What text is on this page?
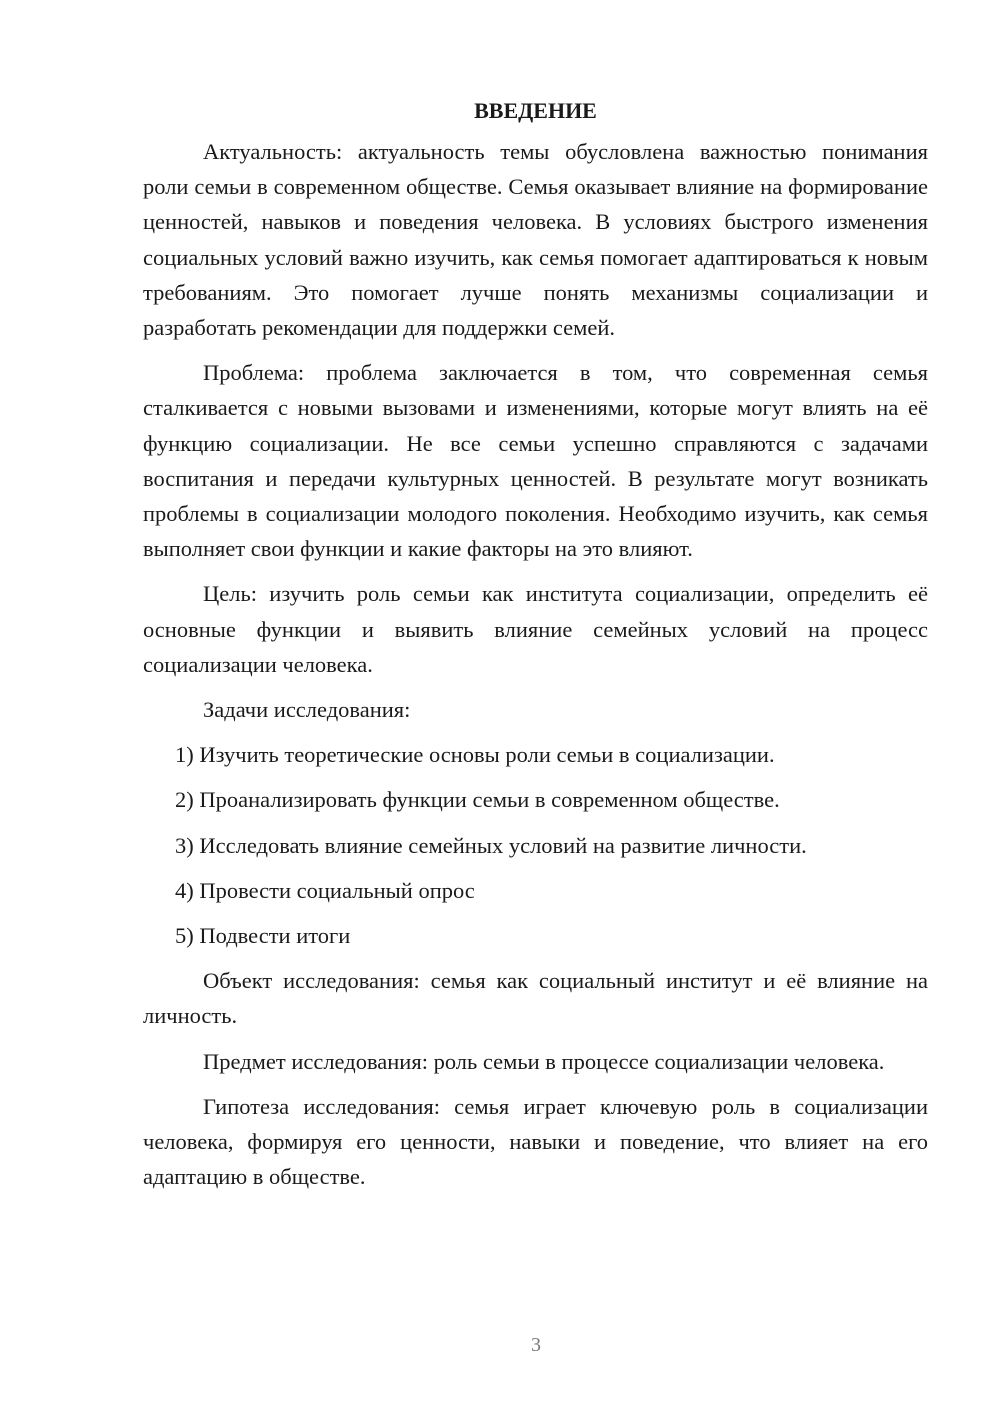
ВВЕДЕНИЕ

Актуальность: актуальность темы обусловлена важностью понимания роли семьи в современном обществе. Семья оказывает влияние на формирование ценностей, навыков и поведения человека. В условиях быстрого изменения социальных условий важно изучить, как семья помогает адаптироваться к новым требованиям. Это помогает лучше понять механизмы социализации и разработать рекомендации для поддержки семей.

Проблема: проблема заключается в том, что современная семья сталкивается с новыми вызовами и изменениями, которые могут влиять на её функцию социализации. Не все семьи успешно справляются с задачами воспитания и передачи культурных ценностей. В результате могут возникать проблемы в социализации молодого поколения. Необходимо изучить, как семья выполняет свои функции и какие факторы на это влияют.

Цель: изучить роль семьи как института социализации, определить её основные функции и выявить влияние семейных условий на процесс социализации человека.

Задачи исследования:

1) Изучить теоретические основы роли семьи в социализации.
2) Проанализировать функции семьи в современном обществе.
3) Исследовать влияние семейных условий на развитие личности.
4) Провести социальный опрос
5) Подвести итоги

Объект исследования: семья как социальный институт и её влияние на личность.

Предмет исследования: роль семьи в процессе социализации человека.

Гипотеза исследования: семья играет ключевую роль в социализации человека, формируя его ценности, навыки и поведение, что влияет на его адаптацию в обществе.

3
